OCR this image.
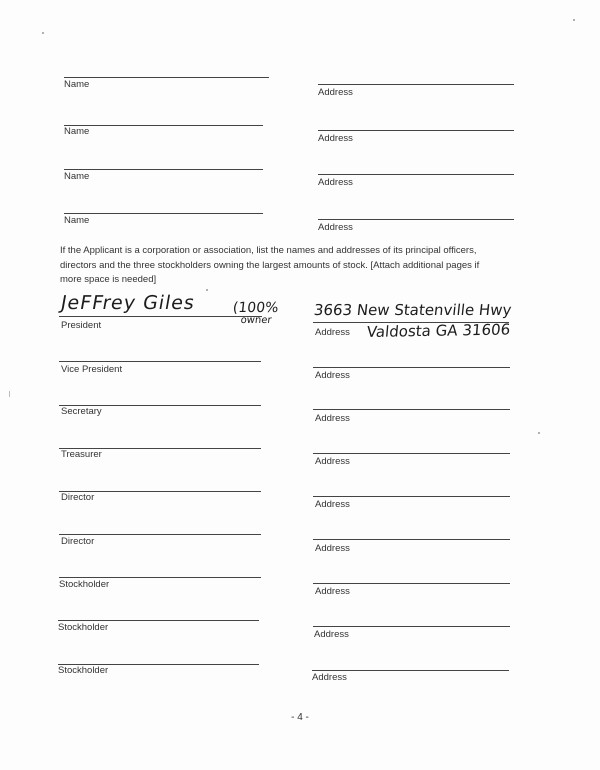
Name
Address
Name
Address
Name
Address
Name
Address
If the Applicant is a corporation or association, list the names and addresses of its principal officers,
directors and the three stockholders owning the largest amounts of stock. [Attach additional pages if
more space is needed]
JeFFrey Giles	(100%
owner
3663 New Statenville Hwy
Valdosta GA 31606
President
Address
Vice President
Address
Secretary
Address
Treasurer
Address
Director
Address
Director
Address
Stockholder
Address
Stockholder
Address
Stockholder
Address
- 4 -
